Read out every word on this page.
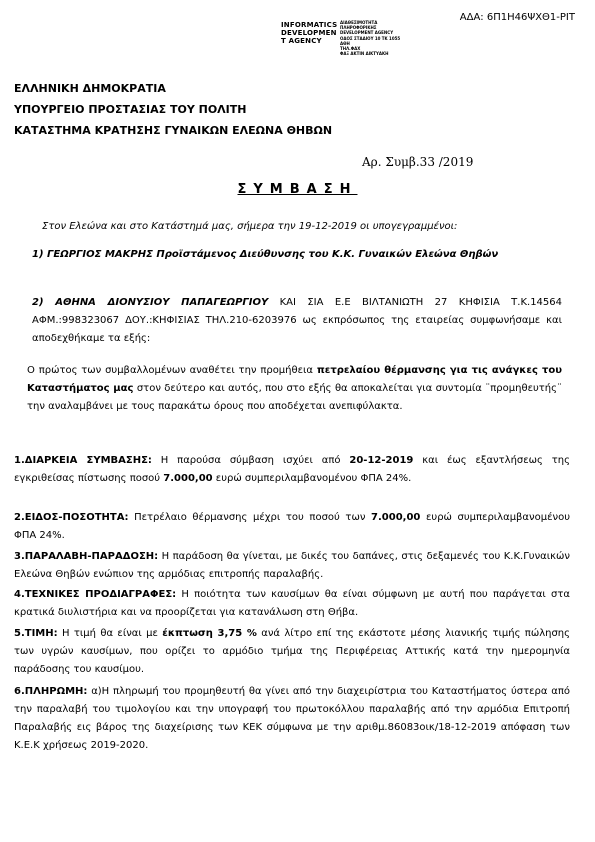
ΑΔΑ: 6Π1Η46ΨΧΘ1-ΡΙΤ
INFORMATICS
DEVELOPMEN
T AGENCY
ΔΙΑΘΕΣΙΜΟΤΗΤΑ
ΠΛΗΡΟΦΟΡΙΚΗΣ
DEVELOPMENT AGENCY
ΟΔΟΣ ΣΤΑΔΙΟΥ 10 ΤΚ 1055
ΑΘΗ
ΤΗΛ.ΦΑΧ
ΦΑΞ ΑΚΤΙΝ ΔΙΚΤΥΑΚΗ
ΕΛΛΗΝΙΚΗ ΔΗΜΟΚΡΑΤΙΑ
ΥΠΟΥΡΓΕΙΟ ΠΡΟΣΤΑΣΙΑΣ ΤΟΥ ΠΟΛΙΤΗ
ΚΑΤΑΣΤΗΜΑ ΚΡΑΤΗΣΗΣ ΓΥΝΑΙΚΩΝ ΕΛΕΩΝΑ ΘΗΒΩΝ
Αρ. Συμβ.33 /2019
ΣΥΜΒΑΣΗ
Στον Ελεώνα και στο Κατάστημά μας, σήμερα την 19-12-2019 οι υπογεγραμμένοι:
1) ΓΕΩΡΓΙΟΣ ΜΑΚΡΗΣ Προϊστάμενος Διεύθυνσης του Κ.Κ. Γυναικών Ελεώνα Θηβών
2) ΑΘΗΝΑ ΔΙΟΝΥΣΙΟΥ ΠΑΠΑΓΕΩΡΓΙΟΥ ΚΑΙ ΣΙΑ Ε.Ε ΒΙΛΤΑΝΙΩΤΗ 27 ΚΗΦΙΣΙΑ Τ.Κ.14564 ΑΦΜ.:998323067 ΔΟΥ.:ΚΗΦΙΣΙΑΣ ΤΗΛ.210-6203976 ως εκπρόσωπος της εταιρείας συμφωνήσαμε και αποδεχθήκαμε τα εξής:
Ο πρώτος των συμβαλλομένων αναθέτει την προμήθεια πετρελαίου θέρμανσης για τις ανάγκες του Καταστήματος μας στον δεύτερο και αυτός, που στο εξής θα αποκαλείται για συντομία ¨προμηθευτής¨ την αναλαμβάνει με τους παρακάτω όρους που αποδέχεται ανεπιφύλακτα.
1.ΔΙΑΡΚΕΙΑ ΣΥΜΒΑΣΗΣ: Η παρούσα σύμβαση ισχύει από 20-12-2019 και έως εξαντλήσεως της εγκριθείσας πίστωσης ποσού 7.000,00 ευρώ συμπεριλαμβανομένου ΦΠΑ 24%.
2.ΕΙΔΟΣ-ΠΟΣΟΤΗΤΑ: Πετρέλαιο θέρμανσης μέχρι του ποσού των 7.000,00 ευρώ συμπεριλαμβανομένου ΦΠΑ 24%.
3.ΠΑΡΑΛΑΒΗ-ΠΑΡΑΔΟΣΗ: Η παράδοση θα γίνεται, με δικές του δαπάνες, στις δεξαμενές του Κ.Κ.Γυναικών Ελεώνα Θηβών ενώπιον της αρμόδιας επιτροπής παραλαβής.
4.ΤΕΧΝΙΚΕΣ ΠΡΟΔΙΑΓΡΑΦΕΣ: Η ποιότητα των καυσίμων θα είναι σύμφωνη με αυτή που παράγεται στα κρατικά διυλιστήρια και να προορίζεται για κατανάλωση στη Θήβα.
5.ΤΙΜΗ: Η τιμή θα είναι με έκπτωση 3,75 % ανά λίτρο επί της εκάστοτε μέσης λιανικής τιμής πώλησης των υγρών καυσίμων, που ορίζει το αρμόδιο τμήμα της Περιφέρειας Αττικής κατά την ημερομηνία παράδοσης του καυσίμου.
6.ΠΛΗΡΩΜΗ: α)Η πληρωμή του προμηθευτή θα γίνει από την διαχειρίστρια του Καταστήματος ύστερα από την παραλαβή του τιμολογίου και την υπογραφή του πρωτοκόλλου παραλαβής από την αρμόδια Επιτροπή Παραλαβής εις βάρος της διαχείρισης των ΚΕΚ σύμφωνα με την αριθμ.86083οικ/18-12-2019 απόφαση των Κ.Ε.Κ χρήσεως 2019-2020.
